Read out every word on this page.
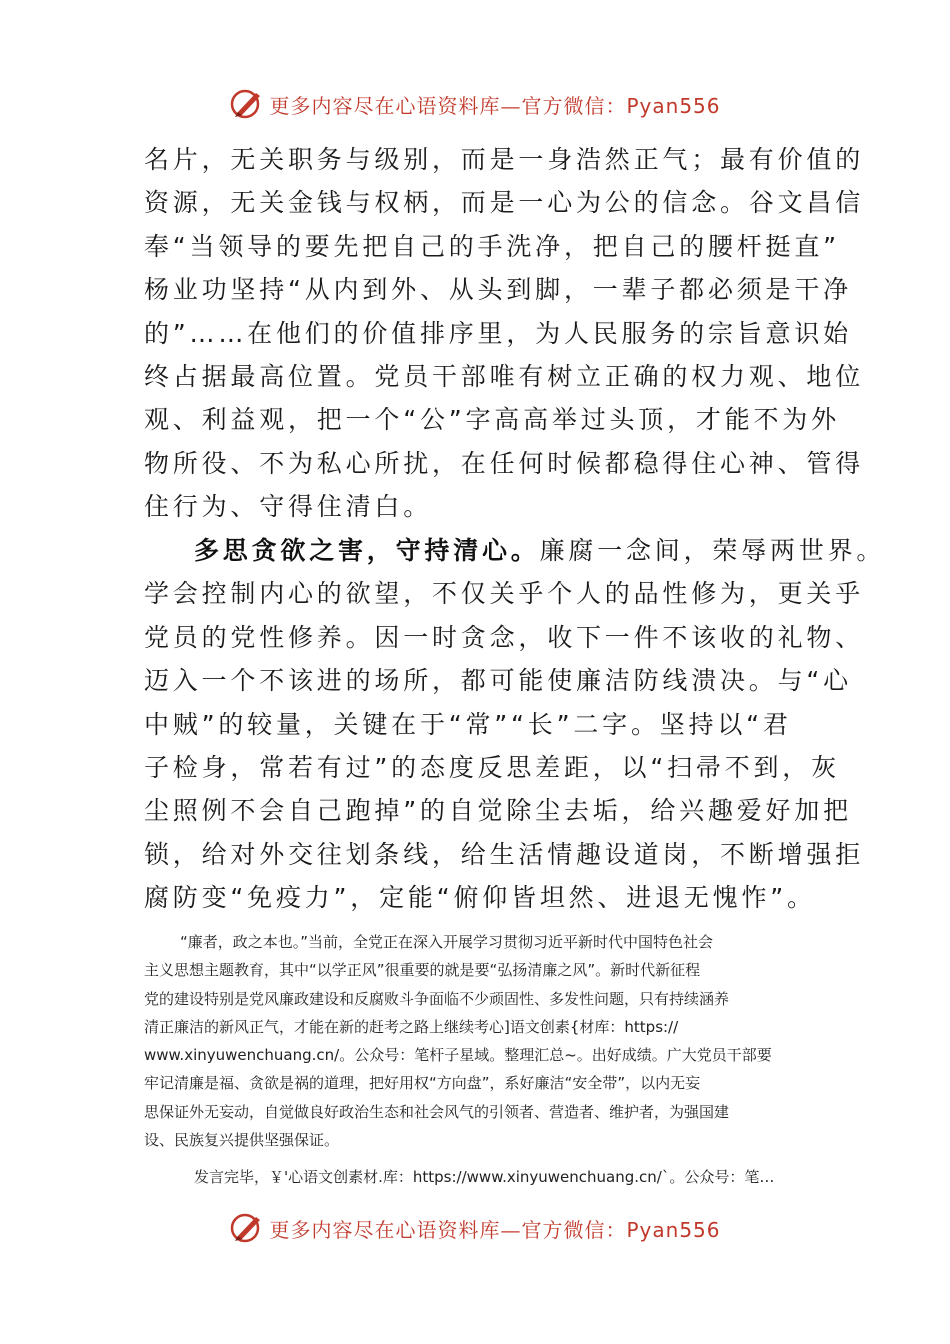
更多内容尽在心语资料库—官方微信：Pyan556
名片，无关职务与级别，而是一身浩然正气；最有价值的
资源，无关金钱与权柄，而是一心为公的信念。谷文昌信
奉“当领导的要先把自己的手洗净，把自己的腰杆挺直”
杨业功坚持“从内到外、从头到脚，一辈子都必须是干净
的”……在他们的价值排序里，为人民服务的宗旨意识始
终占据最高位置。党员干部唯有树立正确的权力观、地位
观、利益观，把一个“公”字高高举过头顶，才能不为外
物所役、不为私心所扰，在任何时候都稳得住心神、管得
住行为、守得住清白。
多思贪欲之害，守持清心。廉腐一念间，荣辱两世界。
学会控制内心的欲望，不仅关乎个人的品性修为，更关乎
党员的党性修养。因一时贪念，收下一件不该收的礼物、
迈入一个不该进的场所，都可能使廉洁防线溃决。与“心
中贼”的较量，关键在于“常”“长”二字。坚持以“君
子检身，常若有过”的态度反思差距，以“扫帚不到，灰
尘照例不会自己跑掉”的自觉除尘去垢，给兴趣爱好加把
锁，给对外交往划条线，给生活情趣设道岗，不断增强拒
腐防变“免疫力”，定能“俯仰皆坦然、进退无愧怍”。
“廉者，政之本也。”当前，全党正在深入开展学习贯彻习近平新时代中国特色社会
主义思想主题教育，其中“以学正风”很重要的就是要“弘扬清廉之风”。新时代新征程
党的建设特别是党风廉政建设和反腐败斗争面临不少顽固性、多发性问题，只有持续涵养
清正廉洁的新风正气，才能在新的赶考之路上继续考心]语文创素{材库：https://
www.xinyuwenchuang.cn/。公众号：笔杆子星域。整理汇总~。出好成绩。广大党员干部要
牢记清廉是福、贪欲是祸的道理，把好用权“方向盘”，系好廉洁“安全带”，以内无妄
思保证外无妄动，自觉做良好政治生态和社会风气的引领者、营造者、维护者，为强国建
设、民族复兴提供坚强保证。
发言完毕，￥'心语文创素材.库：https://www.xinyuwenchuang.cn/`。公众号：笔…
更多内容尽在心语资料库—官方微信：Pyan556
